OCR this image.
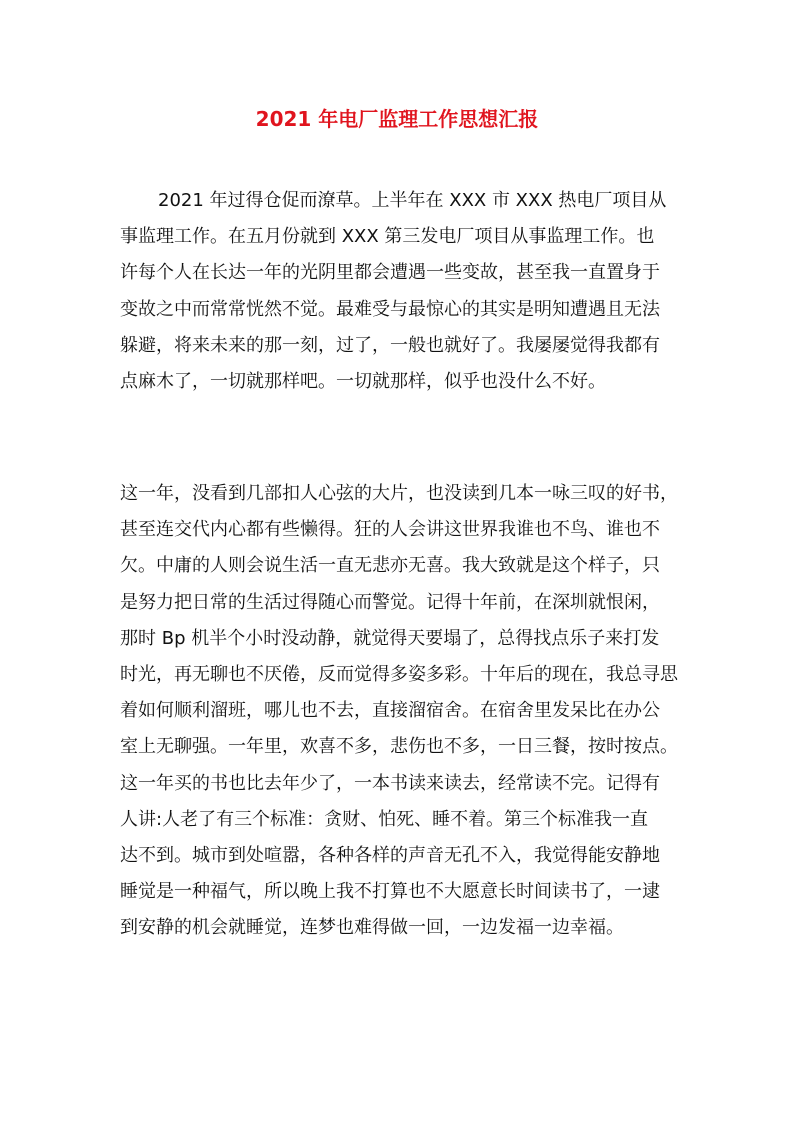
2021 年电厂监理工作思想汇报
2021 年过得仓促而潦草。上半年在 XXX 市 XXX 热电厂项目从
事监理工作。在五月份就到 XXX 第三发电厂项目从事监理工作。也
许每个人在长达一年的光阴里都会遭遇一些变故，甚至我一直置身于
变故之中而常常恍然不觉。最难受与最惊心的其实是明知遭遇且无法
躲避，将来未来的那一刻，过了，一般也就好了。我屡屡觉得我都有
点麻木了，一切就那样吧。一切就那样，似乎也没什么不好。
这一年，没看到几部扣人心弦的大片，也没读到几本一咏三叹的好书，
甚至连交代内心都有些懒得。狂的人会讲这世界我谁也不鸟、谁也不
欠。中庸的人则会说生活一直无悲亦无喜。我大致就是这个样子，只
是努力把日常的生活过得随心而警觉。记得十年前，在深圳就恨闲，
那时 Bp 机半个小时没动静，就觉得天要塌了，总得找点乐子来打发
时光，再无聊也不厌倦，反而觉得多姿多彩。十年后的现在，我总寻思
着如何顺利溜班，哪儿也不去，直接溜宿舍。在宿舍里发呆比在办公
室上无聊强。一年里，欢喜不多，悲伤也不多，一日三餐，按时按点。
这一年买的书也比去年少了，一本书读来读去，经常读不完。记得有
人讲:人老了有三个标准：贪财、怕死、睡不着。第三个标准我一直
达不到。城市到处喧嚣，各种各样的声音无孔不入，我觉得能安静地
睡觉是一种福气，所以晚上我不打算也不大愿意长时间读书了，一逮
到安静的机会就睡觉，连梦也难得做一回，一边发福一边幸福。
